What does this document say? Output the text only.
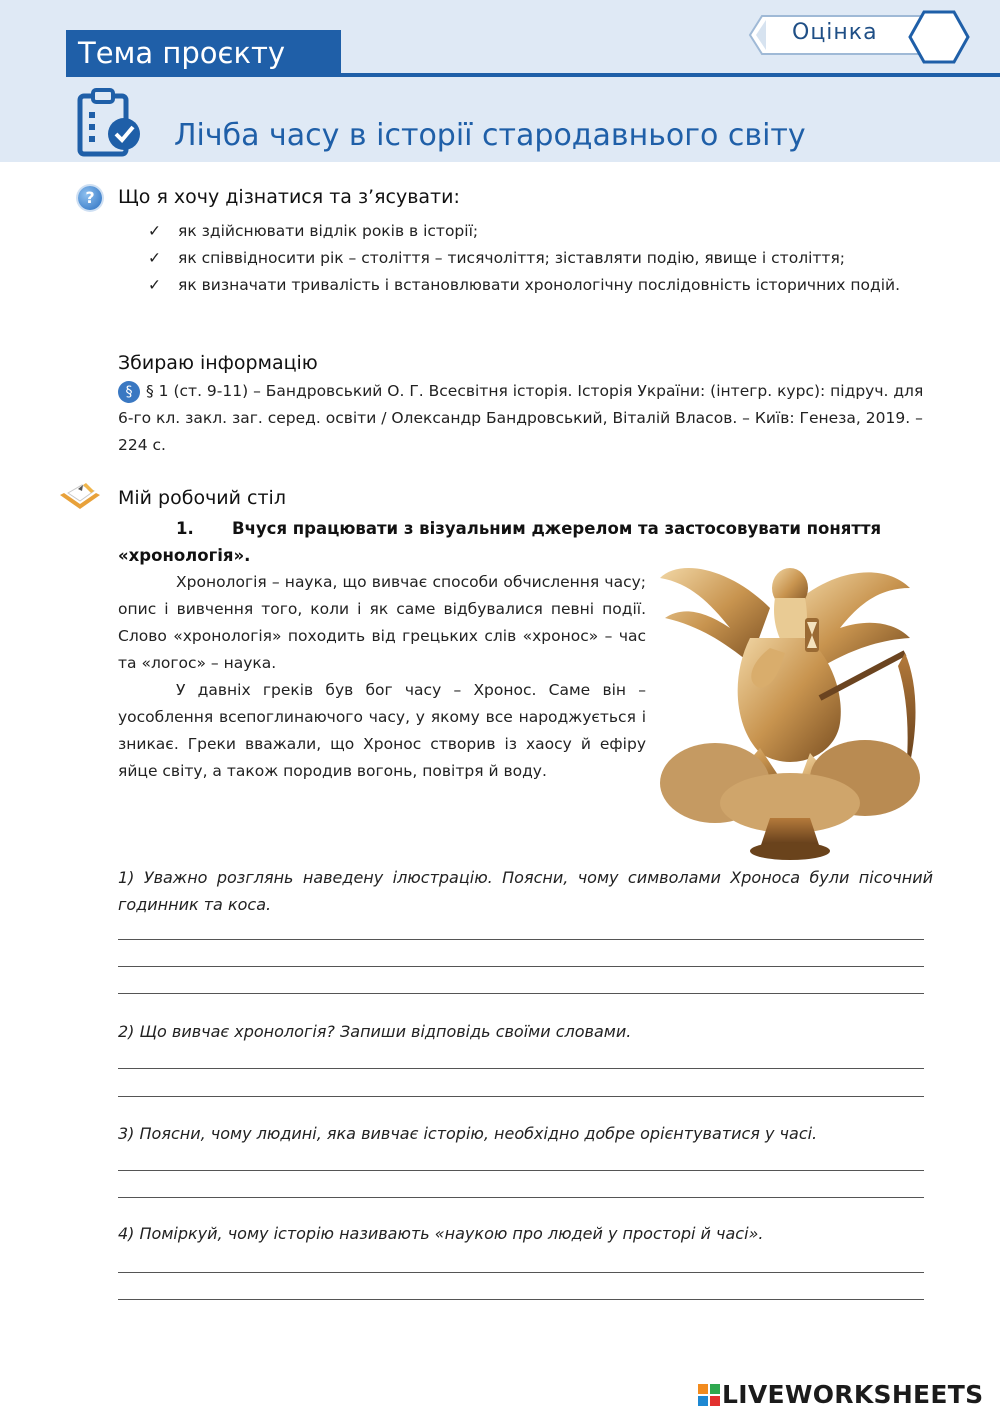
Тема проєкту
Оцінка
Лічба часу в історії стародавнього світу
?	Що я хочу дізнатися та з’ясувати:
✓ як здійснювати відлік років в історії;
✓ як співвідносити рік – століття – тисячоліття; зіставляти подію, явище і століття;
✓ як визначати тривалість і встановлювати хронологічну послідовність історичних подій.
Збираю інформацію
§ § 1 (ст. 9-11) – Бандровський О. Г. Всесвітня історія. Історія України: (інтегр. курс): підруч. для 6-го кл. закл. заг. серед. освіти / Олександр Бандровський, Віталій Власов. – Київ: Генеза, 2019. – 224 с.
Мій робочий стіл
1. Вчуся працювати з візуальним джерелом та застосовувати поняття «хронологія».

Хронологія – наука, що вивчає способи обчислення часу; опис і вивчення того, коли і як саме відбувалися певні події. Слово «хронологія» походить від грецьких слів «хронос» – час та «логос» – наука.

У давніх греків був бог часу – Хронос. Саме він – уособлення всепоглинаючого часу, у якому все народжується і зникає. Греки вважали, що Хронос створив із хаосу й ефіру яйце світу, а також породив вогонь, повітря й воду.

1) Уважно розглянь наведену ілюстрацію. Поясни, чому символами Хроноса були пісочний годинник та коса.
2) Що вивчає хронологія? Запиши відповідь своїми словами.
3) Поясни, чому людині, яка вивчає історію, необхідно добре орієнтуватися у часі.
4) Поміркуй, чому історію називають «наукою про людей у просторі й часі».
LIVEWORKSHEETS
